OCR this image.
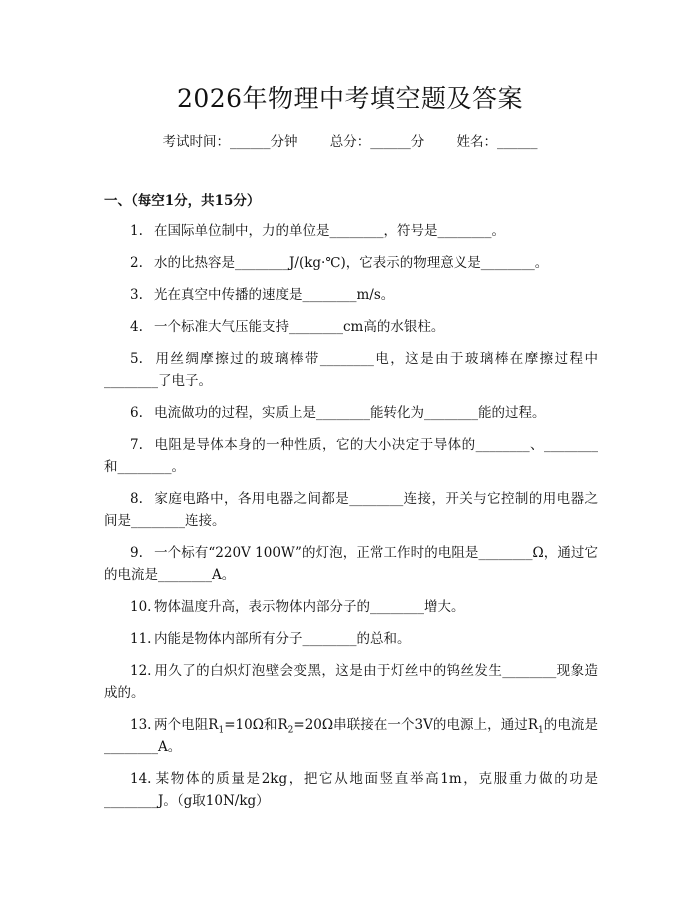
2026年物理中考填空题及答案
考试时间：______分钟 总分：______分 姓名：______
一、（每空1分，共15分）

1. 在国际单位制中，力的单位是________，符号是________。

2. 水的比热容是________J/(kg·℃)，它表示的物理意义是________。

3. 光在真空中传播的速度是________m/s。

4. 一个标准大气压能支持________cm高的水银柱。

5. 用丝绸摩擦过的玻璃棒带________电，这是由于玻璃棒在摩擦过程中________了电子。

6. 电流做功的过程，实质上是________能转化为________能的过程。

7. 电阻是导体本身的一种性质，它的大小决定于导体的________、________和________。

8. 家庭电路中，各用电器之间都是________连接，开关与它控制的用电器之间是________连接。

9. 一个标有“220V 100W”的灯泡，正常工作时的电阻是________Ω，通过它的电流是________A。

10. 物体温度升高，表示物体内部分子的________增大。

11. 内能是物体内部所有分子________的总和。

12. 用久了的白炽灯泡壁会变黑，这是由于灯丝中的钨丝发生________现象造成的。

13. 两个电阻$R_1=10\Omega$和$R_2=20\Omega$串联接在一个3V的电源上，通过$R_1$的电流是________A。

14. 某物体的质量是2kg，把它从地面竖直举高1m，克服重力做的功是________J。（g取10N/kg）
